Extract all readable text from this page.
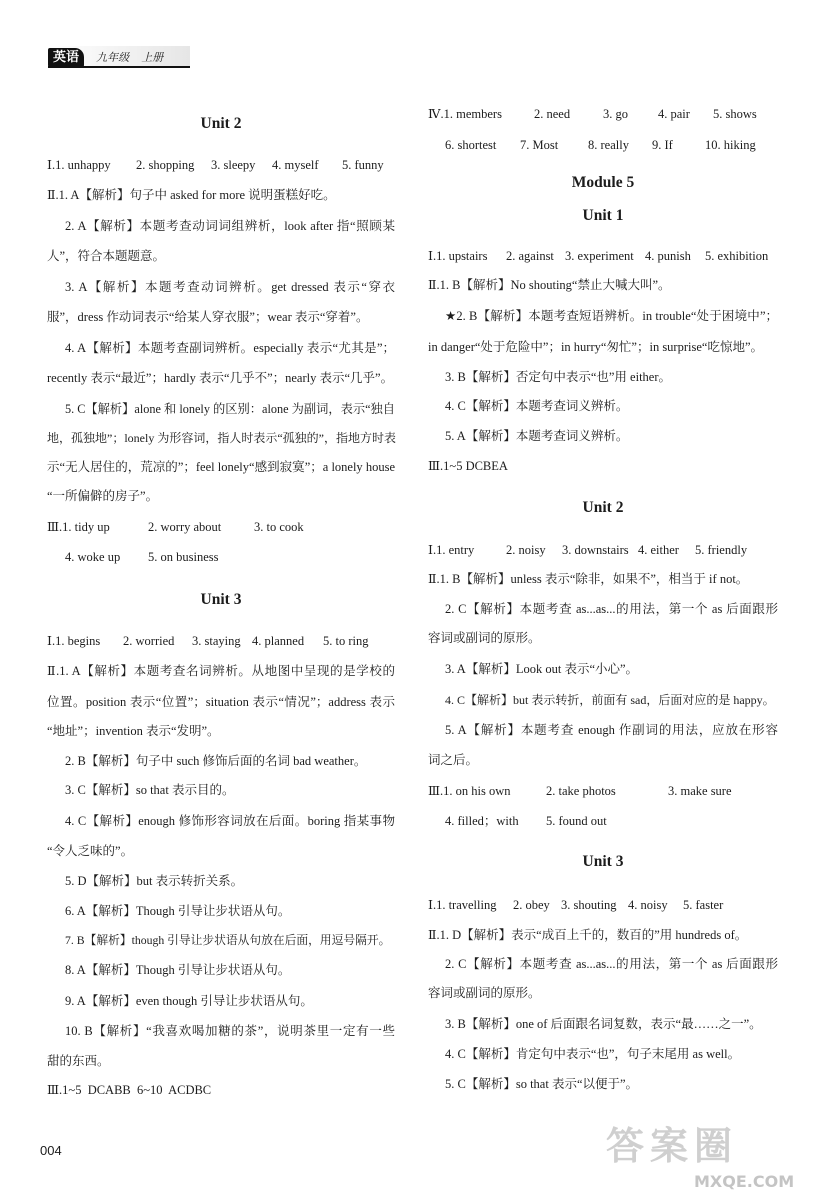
英语 九年级 上册
Unit 2
Ⅰ.1. unhappy 2. shopping 3. sleepy 4. myself 5. funny
Ⅱ.1. A【解析】句子中 asked for more 说明蛋糕好吃。
2. A【解析】本题考查动词词组辨析，look after 指“照顾某
人”，符合本题题意。
3. A【解析】本题考查动词辨析。get dressed 表示“穿衣
服”，dress 作动词表示“给某人穿衣服”；wear 表示“穿着”。
4. A【解析】本题考查副词辨析。especially 表示“尤其是”；
recently 表示“最近”；hardly 表示“几乎不”；nearly 表示“几乎”。
5. C【解析】alone 和 lonely 的区别：alone 为副词，表示“独自
地，孤独地”；lonely 为形容词，指人时表示“孤独的”，指地方时表
示“无人居住的，荒凉的”；feel lonely“感到寂寞”；a lonely house
“一所偏僻的房子”。
Ⅲ.1. tidy up	2. worry about	3. to cook
4. woke up 5. on business
Unit 3
Ⅰ.1. begins 2. worried 3. staying 4. planned 5. to ring
Ⅱ.1. A【解析】本题考查名词辨析。从地图中呈现的是学校的
位置。position 表示“位置”；situation 表示“情况”；address 表示
“地址”；invention 表示“发明”。
2. B【解析】句子中 such 修饰后面的名词 bad weather。
3. C【解析】so that 表示目的。
4. C【解析】enough 修饰形容词放在后面。boring 指某事物
“令人乏味的”。
5. D【解析】but 表示转折关系。
6. A【解析】Though 引导让步状语从句。
7. B【解析】though 引导让步状语从句放在后面，用逗号隔开。
8. A【解析】Though 引导让步状语从句。
9. A【解析】even though 引导让步状语从句。
10. B【解析】“我喜欢喝加糖的茶”，说明茶里一定有一些
甜的东西。
Ⅲ.1~5  DCABB  6~10  ACDBC
Ⅳ.1. members	2. need	3. go 4. pair 5. shows
6. shortest 7. Most 8. really 9. If	10. hiking
Module 5
Unit 1
Ⅰ.1. upstairs 2. against 3. experiment 4. punish 5. exhibition
Ⅱ.1. B【解析】No shouting“禁止大喊大叫”。
★2. B【解析】本题考查短语辨析。in trouble“处于困境中”；
in danger“处于危险中”；in hurry“匆忙”；in surprise“吃惊地”。
3. B【解析】否定句中表示“也”用 either。
4. C【解析】本题考查词义辨析。
5. A【解析】本题考查词义辨析。
Ⅲ.1~5 DCBEA
Unit 2
Ⅰ.1. entry	2. noisy 3. downstairs 4. either 5. friendly
Ⅱ.1. B【解析】unless 表示“除非，如果不”，相当于 if not。
2. C【解析】本题考查 as...as...的用法，第一个 as 后面跟形
容词或副词的原形。
3. A【解析】Look out 表示“小心”。
4. C【解析】but 表示转折，前面有 sad，后面对应的是 happy。
5. A【解析】本题考查 enough 作副词的用法，应放在形容
词之后。
Ⅲ.1. on his own	2. take photos	3. make sure
4. filled；with 5. found out
Unit 3
Ⅰ.1. travelling 2. obey 3. shouting 4. noisy 5. faster
Ⅱ.1. D【解析】表示“成百上千的，数百的”用 hundreds of。
2. C【解析】本题考查 as...as...的用法，第一个 as 后面跟形
容词或副词的原形。
3. B【解析】one of 后面跟名词复数，表示“最……之一”。
4. C【解析】肯定句中表示“也”，句子末尾用 as well。
5. C【解析】so that 表示“以便于”。
004	答案圈
MXQE.COM
